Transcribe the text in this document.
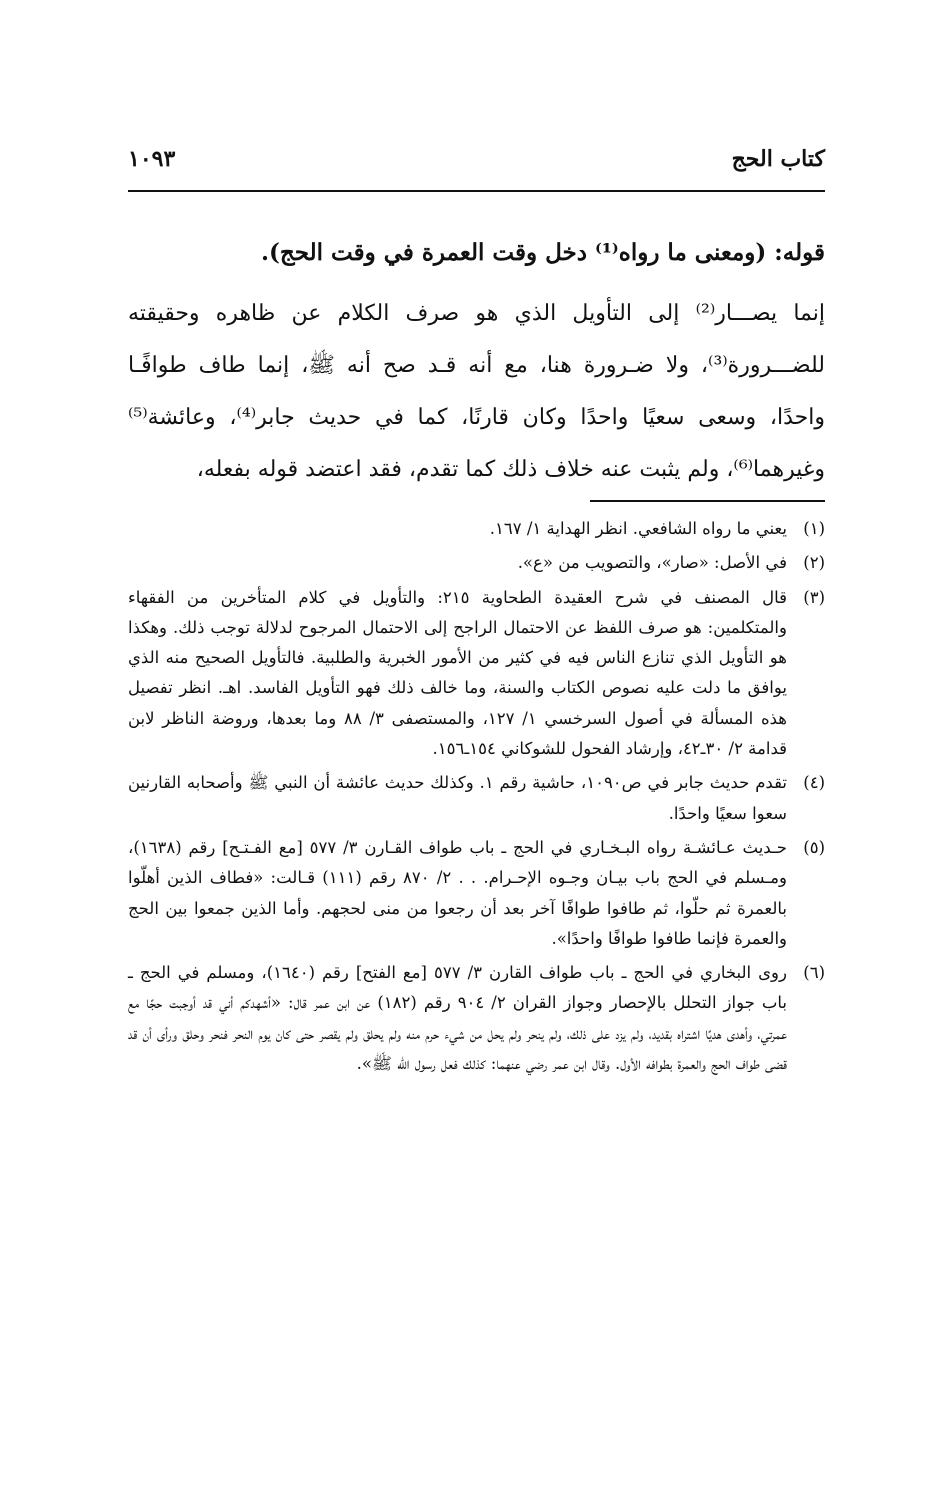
كتاب الحج
١٠٩٣
قوله: (ومعنى ما رواه⁽¹⁾ دخل وقت العمرة في وقت الحج).
إنما يصـــار⁽²⁾ إلى التأويل الذي هو صرف الكلام عن ظاهره وحقيقته للضـــرورة⁽³⁾، ولا ضـرورة هنا، مع أنه قـد صح أنه ﷺ، إنما طاف طوافًـا واحدًا، وسعى سعيًا واحدًا وكان قارنًا، كما في حديث جابر⁽⁴⁾، وعائشة⁽⁵⁾ وغيرهما⁽⁶⁾، ولم يثبت عنه خلاف ذلك كما تقدم، فقد اعتضد قوله بفعله،
(١)
يعني ما رواه الشافعي. انظر الهداية ١/ ١٦٧.
(٢)
في الأصل: «صار»، والتصويب من «ع».
(٣)
قال المصنف في شرح العقيدة الطحاوية ٢١٥: والتأويل في كلام المتأخرين من الفقهاء والمتكلمين: هو صرف اللفظ عن الاحتمال الراجح إلى الاحتمال المرجوح لدلالة توجب ذلك. وهكذا هو التأويل الذي تنازع الناس فيه في كثير من الأمور الخبرية والطلبية. فالتأويل الصحيح منه الذي يوافق ما دلت عليه نصوص الكتاب والسنة، وما خالف ذلك فهو التأويل الفاسد. اهـ. انظر تفصيل هذه المسألة في أصول السرخسي ١/ ١٢٧، والمستصفى ٣/ ٨٨ وما بعدها، وروضة الناظر لابن قدامة ٢/ ٣٠ـ٤٢، وإرشاد الفحول للشوكاني ١٥٤ـ١٥٦.
(٤)
تقدم حديث جابر في ص١٠٩٠، حاشية رقم ١. وكذلك حديث عائشة أن النبي ﷺ وأصحابه القارنين سعوا سعيًا واحدًا.
(٥)
حـديث عـائشـة رواه البـخـاري في الحج ـ باب طواف القـارن ٣/ ٥٧٧ [مع الفـتـح] رقم (١٦٣٨)، ومـسلم في الحج باب بيـان وجـوه الإحـرام. . . ٢/ ٨٧٠ رقم (١١١) قـالت: «فطاف الذين أهلّوا بالعمرة ثم حلّوا، ثم طافوا طوافًا آخر بعد أن رجعوا من منى لحجهم. وأما الذين جمعوا بين الحج والعمرة فإنما طافوا طوافًا واحدًا».
(٦)
روى البخاري في الحج ـ باب طواف القارن ٣/ ٥٧٧ [مع الفتح] رقم (١٦٤٠)، ومسلم في الحج ـ باب جواز التحلل بالإحصار وجواز القران ٢/ ٩٠٤ رقم (١٨٢) عن ابن عمر قال: «أشهدكم أني قد أوجبت حجًا مع عمرتي، وأهدى هديًا اشتراه بقديد، ولم يزد على ذلك، ولم ينحر ولم يحل من شيء حرم منه ولم يحلق ولم يقصر حتى كان يوم النحر فنحر وحلق ورأى أن قد قضى طواف الحج والعمرة بطوافه الأول. وقال ابن عمر رضي عنهما: كذلك فعل رسول الله ﷺ».
